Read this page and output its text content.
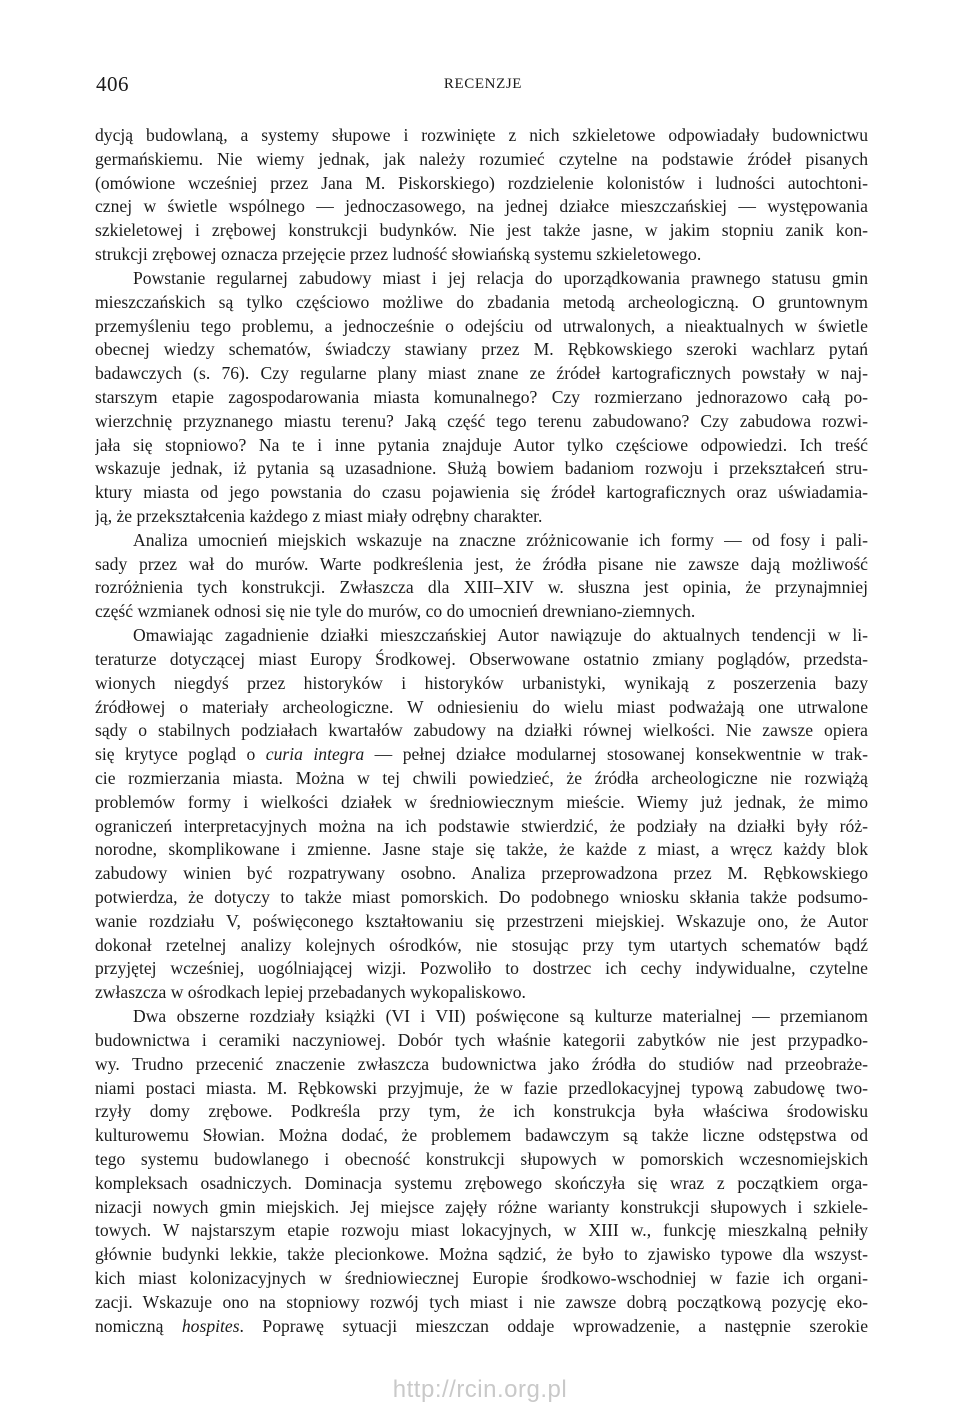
406	RECENZJE
dycją budowlaną, a systemy słupowe i rozwinięte z nich szkieletowe odpowiadały budownictwu
germańskiemu. Nie wiemy jednak, jak należy rozumieć czytelne na podstawie źródeł pisanych
(omówione wcześniej przez Jana M. Piskorskiego) rozdzielenie kolonistów i ludności autochtoni-
cznej w świetle wspólnego — jednoczasowego, na jednej działce mieszczańskiej — występowania
szkieletowej i zrębowej konstrukcji budynków. Nie jest także jasne, w jakim stopniu zanik kon-
strukcji zrębowej oznacza przejęcie przez ludność słowiańską systemu szkieletowego.
Powstanie regularnej zabudowy miast i jej relacja do uporządkowania prawnego statusu gmin
mieszczańskich są tylko częściowo możliwe do zbadania metodą archeologiczną. O gruntownym
przemyśleniu tego problemu, a jednocześnie o odejściu od utrwalonych, a nieaktualnych w świetle
obecnej wiedzy schematów, świadczy stawiany przez M. Rębkowskiego szeroki wachlarz pytań
badawczych (s. 76). Czy regularne plany miast znane ze źródeł kartograficznych powstały w naj-
starszym etapie zagospodarowania miasta komunalnego? Czy rozmierzano jednorazowo całą po-
wierzchnię przyznanego miastu terenu? Jaką część tego terenu zabudowano? Czy zabudowa rozwi-
jała się stopniowo? Na te i inne pytania znajduje Autor tylko częściowe odpowiedzi. Ich treść
wskazuje jednak, iż pytania są uzasadnione. Służą bowiem badaniom rozwoju i przekształceń stru-
ktury miasta od jego powstania do czasu pojawienia się źródeł kartograficznych oraz uświadamia-
ją, że przekształcenia każdego z miast miały odrębny charakter.
Analiza umocnień miejskich wskazuje na znaczne zróżnicowanie ich formy — od fosy i pali-
sady przez wał do murów. Warte podkreślenia jest, że źródła pisane nie zawsze dają możliwość
rozróżnienia tych konstrukcji. Zwłaszcza dla XIII–XIV w. słuszna jest opinia, że przynajmniej
część wzmianek odnosi się nie tyle do murów, co do umocnień drewniano-ziemnych.
Omawiając zagadnienie działki mieszczańskiej Autor nawiązuje do aktualnych tendencji w li-
teraturze dotyczącej miast Europy Środkowej. Obserwowane ostatnio zmiany poglądów, przedsta-
wionych niegdyś przez historyków i historyków urbanistyki, wynikają z poszerzenia bazy
źródłowej o materiały archeologiczne. W odniesieniu do wielu miast podważają one utrwalone
sądy o stabilnych podziałach kwartałów zabudowy na działki równej wielkości. Nie zawsze opiera
się krytyce pogląd o curia integra — pełnej działce modularnej stosowanej konsekwentnie w trak-
cie rozmierzania miasta. Można w tej chwili powiedzieć, że źródła archeologiczne nie rozwiążą
problemów formy i wielkości działek w średniowiecznym mieście. Wiemy już jednak, że mimo
ograniczeń interpretacyjnych można na ich podstawie stwierdzić, że podziały na działki były róż-
norodne, skomplikowane i zmienne. Jasne staje się także, że każde z miast, a wręcz każdy blok
zabudowy winien być rozpatrywany osobno. Analiza przeprowadzona przez M. Rębkowskiego
potwierdza, że dotyczy to także miast pomorskich. Do podobnego wniosku skłania także podsumo-
wanie rozdziału V, poświęconego kształtowaniu się przestrzeni miejskiej. Wskazuje ono, że Autor
dokonał rzetelnej analizy kolejnych ośrodków, nie stosując przy tym utartych schematów bądź
przyjętej wcześniej, uogólniającej wizji. Pozwoliło to dostrzec ich cechy indywidualne, czytelne
zwłaszcza w ośrodkach lepiej przebadanych wykopaliskowo.
Dwa obszerne rozdziały książki (VI i VII) poświęcone są kulturze materialnej — przemianom
budownictwa i ceramiki naczyniowej. Dobór tych właśnie kategorii zabytków nie jest przypadko-
wy. Trudno przecenić znaczenie zwłaszcza budownictwa jako źródła do studiów nad przeobraże-
niami postaci miasta. M. Rębkowski przyjmuje, że w fazie przedlokacyjnej typową zabudowę two-
rzyły domy zrębowe. Podkreśla przy tym, że ich konstrukcja była właściwa środowisku
kulturowemu Słowian. Można dodać, że problemem badawczym są także liczne odstępstwa od
tego systemu budowlanego i obecność konstrukcji słupowych w pomorskich wczesnomiejskich
kompleksach osadniczych. Dominacja systemu zrębowego skończyła się wraz z początkiem orga-
nizacji nowych gmin miejskich. Jej miejsce zajęły różne warianty konstrukcji słupowych i szkiele-
towych. W najstarszym etapie rozwoju miast lokacyjnych, w XIII w., funkcję mieszkalną pełniły
głównie budynki lekkie, także plecionkowe. Można sądzić, że było to zjawisko typowe dla wszyst-
kich miast kolonizacyjnych w średniowiecznej Europie środkowo-wschodniej w fazie ich organi-
zacji. Wskazuje ono na stopniowy rozwój tych miast i nie zawsze dobrą początkową pozycję eko-
nomiczną hospites. Poprawę sytuacji mieszczan oddaje wprowadzenie, a następnie szerokie
http://rcin.org.pl
